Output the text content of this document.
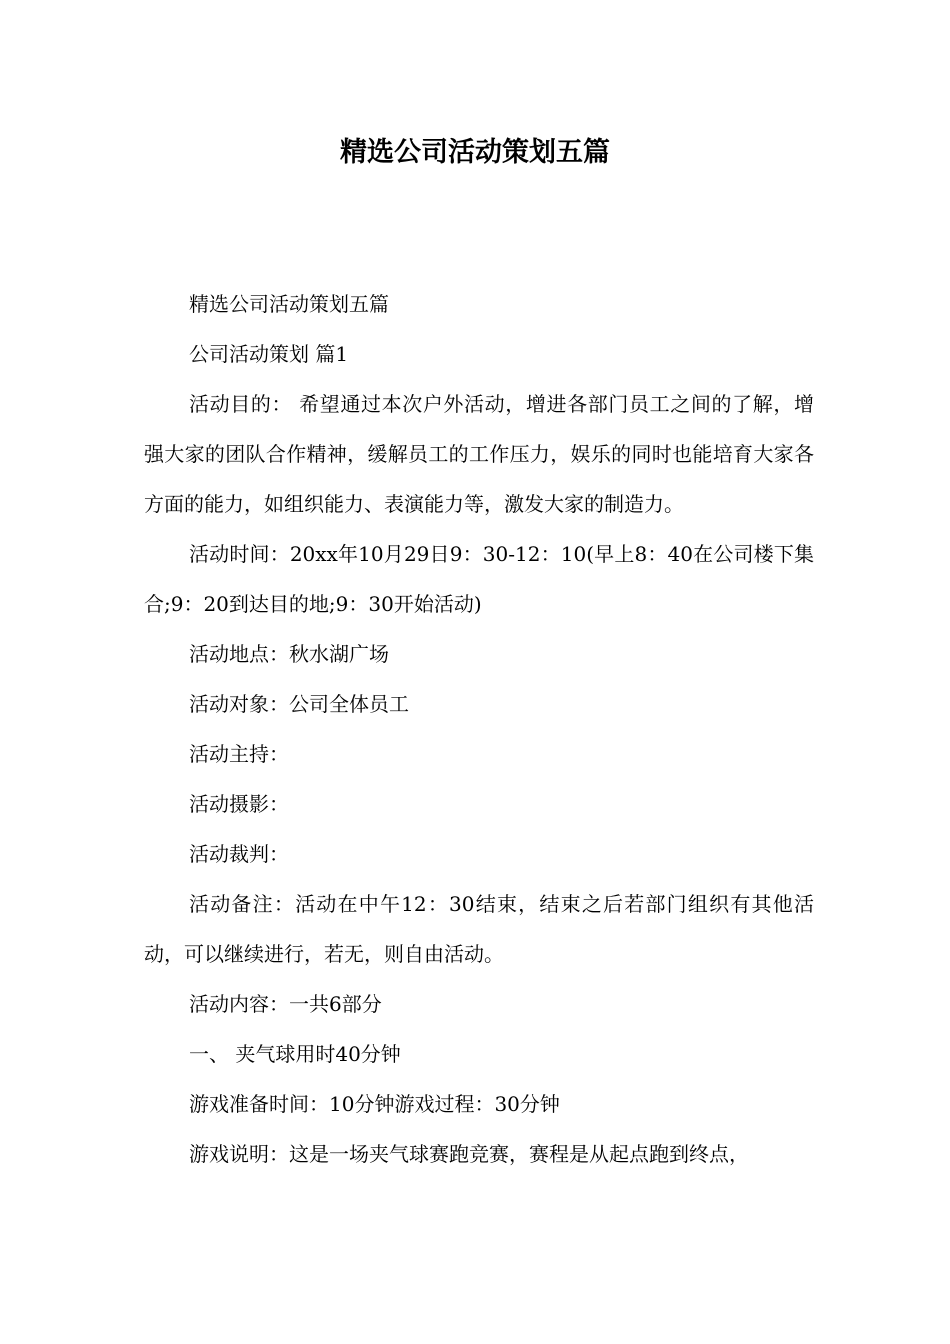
精选公司活动策划五篇

精选公司活动策划五篇

公司活动策划 篇1

活动目的： 希望通过本次户外活动，增进各部门员工之间的了解，增强大家的团队合作精神，缓解员工的工作压力，娱乐的同时也能培育大家各方面的能力，如组织能力、表演能力等，激发大家的制造力。

活动时间：20xx年10月29日9：30-12：10(早上8：40在公司楼下集合;9：20到达目的地;9：30开始活动)

活动地点：秋水湖广场

活动对象：公司全体员工

活动主持：

活动摄影：

活动裁判：

活动备注：活动在中午12：30结束，结束之后若部门组织有其他活动，可以继续进行，若无，则自由活动。

活动内容：一共6部分

一、 夹气球用时40分钟

游戏准备时间：10分钟游戏过程：30分钟

游戏说明：这是一场夹气球赛跑竞赛，赛程是从起点跑到终点，
